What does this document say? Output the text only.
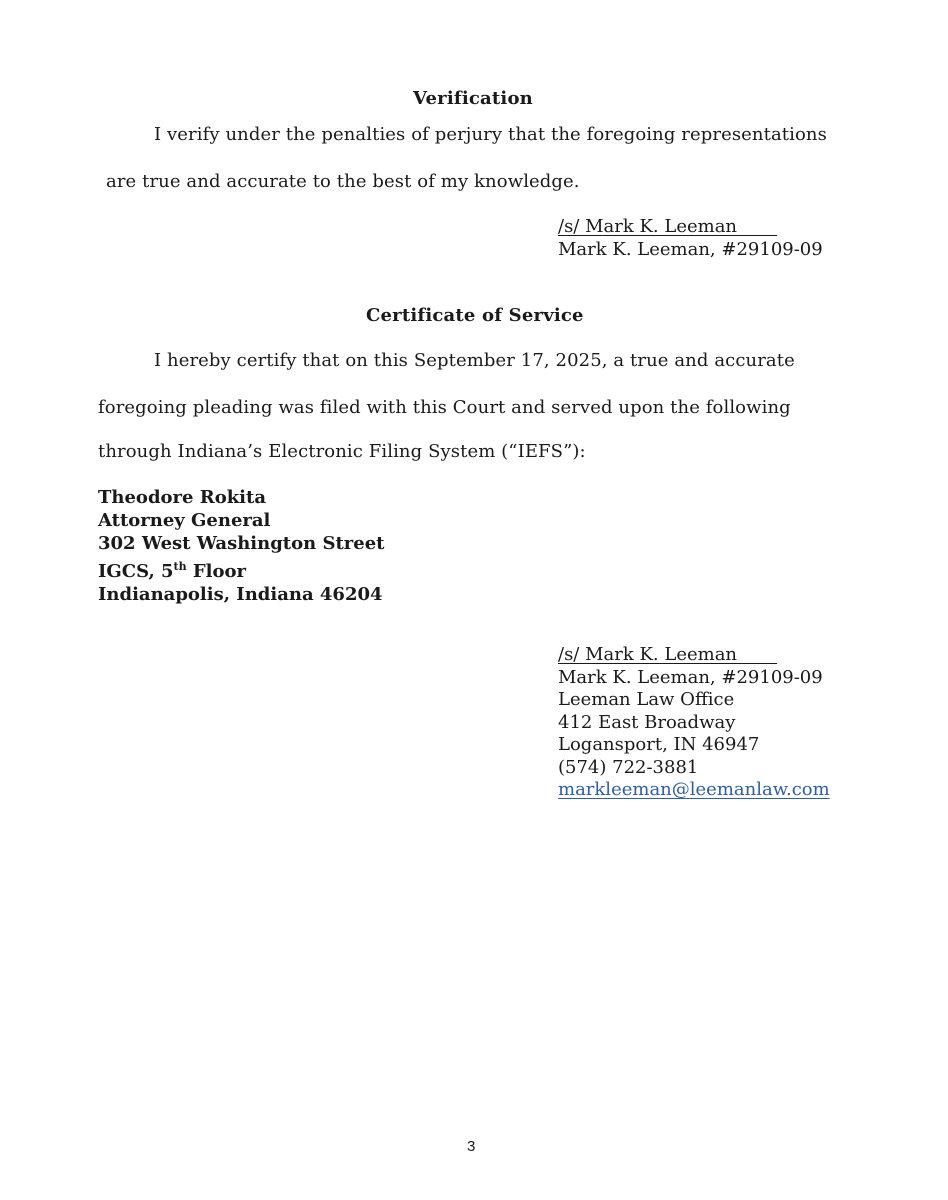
Verification
I verify under the penalties of perjury that the foregoing representations
are true and accurate to the best of my knowledge.
/s/ Mark K. Leeman
Mark K. Leeman, #29109-09
Certificate of Service
I hereby certify that on this September 17, 2025, a true and accurate
foregoing pleading was filed with this Court and served upon the following
through Indiana’s Electronic Filing System (“IEFS”):
Theodore Rokita
Attorney General
302 West Washington Street
IGCS, 5th Floor
Indianapolis, Indiana 46204
/s/ Mark K. Leeman
Mark K. Leeman, #29109-09
Leeman Law Office
412 East Broadway
Logansport, IN 46947
(574) 722-3881
markleeman@leemanlaw.com
3
